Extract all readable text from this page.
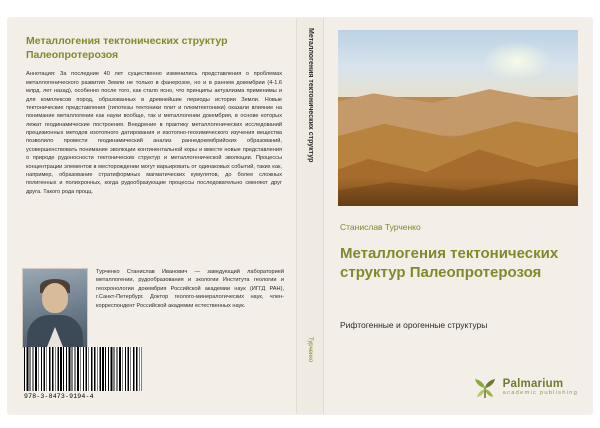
Металлогения тектонических структур Палеопротерозоя
Аннотация: За последние 40 лет существенно изменились представления о проблемах металлогенического развития Земли не только в фанерозое, но и в раннем докембрии (4-1.6 млрд. лет назад), особенно после того, как стало ясно, что принципы актуализма применимы и для комплексов пород, образованных в древнейшие периоды истории Земли. Новые тектонические представления (гипотезы тектоники плит и плюмтектоники) оказали влияние на понимание металлогении как науки вообще, так и металлогении докембрия, в основе которых лежат геодинамические построения. Внедрение в практику металлогенических исследований прецизионных методов изотопного датирования и изотопно-геохимического изучения вещества позволило провести геодинамический анализ раннедокембрийских образований, усовершенствовать понимание эволюции континентальной коры и вместе новые представления о природе рудоносности тектонических структур и металлогенической эволюции. Процессы концентрации элементов в месторождении могут варьировать от одинаковых событий, таких как, например, образование стратиформных магматических кумулятов, до более сложных полигенных и полихронных, когда рудообразующие процессы последовательно сменяют друг друга. Такого рода процц.
Турченко Станислав Иванович — заведующий лабораторией металлогении, рудообразования и экологии Института геологии и геохронологии докембрия Российской академии наук (ИГГД РАН), г.Санкт-Петербург. Доктор геолого-минералогических наук, член-корреспондент Российской академии естественных наук.
978-3-8473-9194-4
Металлогения тектонических структур
Турченко
Станислав Турченко
Металлогения тектонических структур Палеопротерозоя
Рифтогенные и орогенные структуры
Palmarium
academic publishing
